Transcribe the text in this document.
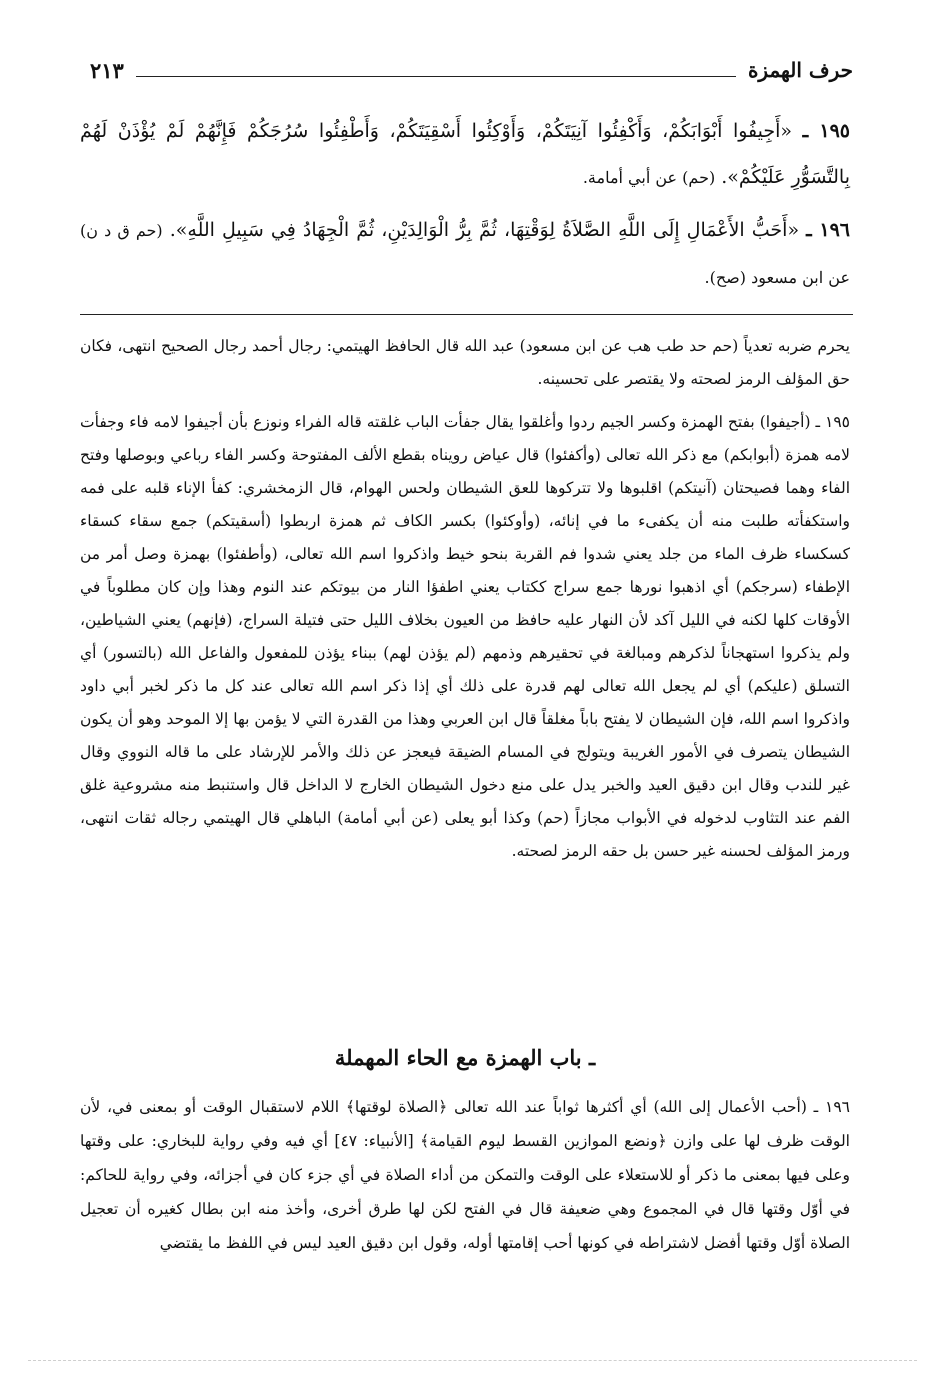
حرف الهمزة
٢١٣

١٩٥ ـ «أَجِيفُوا أَبْوَابَكُمْ، وَأَكْفِئُوا آنِيَتَكُمْ، وَأَوْكِئُوا أَسْقِيَتَكُمْ، وَأَطْفِئُوا سُرُجَكُمْ فَإِنَّهُمْ لَمْ يُؤْذَنْ لَهُمْ بِالتَّسَوُّرِ عَلَيْكُمْ». (حم) عن أبي أمامة.

١٩٦ ـ «أَحَبُّ الأَعْمَالِ إِلَى اللَّهِ الصَّلاَةُ لِوَقْتِهَا، ثُمَّ بِرُّ الْوَالِدَيْنِ، ثُمَّ الْجِهَادُ فِي سَبِيلِ اللَّهِ». (حم ق د ن) عن ابن مسعود (صح).

يحرم ضربه تعدياً (حم حد طب هب عن ابن مسعود) عبد الله قال الحافظ الهيتمي: رجال أحمد رجال الصحيح انتهى، فكان حق المؤلف الرمز لصحته ولا يقتصر على تحسينه.

١٩٥ ـ (أجيفوا) بفتح الهمزة وكسر الجيم ردوا وأغلقوا يقال جفأت الباب غلقته قاله الفراء ونوزع بأن أجيفوا لامه فاء وجفأت لامه همزة (أبوابكم) مع ذكر الله تعالى (وأكفئوا) قال عياض رويناه بقطع الألف المفتوحة وكسر الفاء رباعي وبوصلها وفتح الفاء وهما فصيحتان (آنيتكم) اقلبوها ولا تتركوها للعق الشيطان ولحس الهوام، قال الزمخشري: كفأ الإناء قلبه على فمه واستكفأته طلبت منه أن يكفىء ما في إنائه، (وأوكئوا) بكسر الكاف ثم همزة اربطوا (أسقيتكم) جمع سقاء كسقاء كسكساء ظرف الماء من جلد يعني شدوا فم القربة بنحو خيط واذكروا اسم الله تعالى، (وأطفئوا) بهمزة وصل أمر من الإطفاء (سرجكم) أي اذهبوا نورها جمع سراج ككتاب يعني اطفؤا النار من بيوتكم عند النوم وهذا وإن كان مطلوباً في الأوقات كلها لكنه في الليل آكد لأن النهار عليه حافظ من العيون بخلاف الليل حتى فتيلة السراج، (فإنهم) يعني الشياطين، ولم يذكروا استهجاناً لذكرهم ومبالغة في تحقيرهم وذمهم (لم يؤذن لهم) ببناء يؤذن للمفعول والفاعل الله (بالتسور) أي التسلق (عليكم) أي لم يجعل الله تعالى لهم قدرة على ذلك أي إذا ذكر اسم الله تعالى عند كل ما ذكر لخبر أبي داود واذكروا اسم الله، فإن الشيطان لا يفتح باباً مغلقاً قال ابن العربي وهذا من القدرة التي لا يؤمن بها إلا الموحد وهو أن يكون الشيطان يتصرف في الأمور الغريبة ويتولج في المسام الضيقة فيعجز عن ذلك والأمر للإرشاد على ما قاله النووي وقال غير للندب وقال ابن دقيق العيد والخبر يدل على منع دخول الشيطان الخارج لا الداخل قال واستنبط منه مشروعية غلق الفم عند التثاوب لدخوله في الأبواب مجازاً (حم) وكذا أبو يعلى (عن أبي أمامة) الباهلي قال الهيتمي رجاله ثقات انتهى، ورمز المؤلف لحسنه غير حسن بل حقه الرمز لصحته.

ـ باب الهمزة مع الحاء المهملة

١٩٦ ـ (أحب الأعمال إلى الله) أي أكثرها ثواباً عند الله تعالى ﴿الصلاة لوقتها﴾ اللام لاستقبال الوقت أو بمعنى في، لأن الوقت ظرف لها على وازن ﴿ونضع الموازين القسط ليوم القيامة﴾ [الأنبياء: ٤٧] أي فيه وفي رواية للبخاري: على وقتها وعلى فيها بمعنى ما ذكر أو للاستعلاء على الوقت والتمكن من أداء الصلاة في أي جزء كان في أجزائه، وفي رواية للحاكم: في أوّل وقتها قال في المجموع وهي ضعيفة قال في الفتح لكن لها طرق أخرى، وأخذ منه ابن بطال كغيره أن تعجيل الصلاة أوّل وقتها أفضل لاشتراطه في كونها أحب إقامتها أوله، وقول ابن دقيق العيد ليس في اللفظ ما يقتضي
